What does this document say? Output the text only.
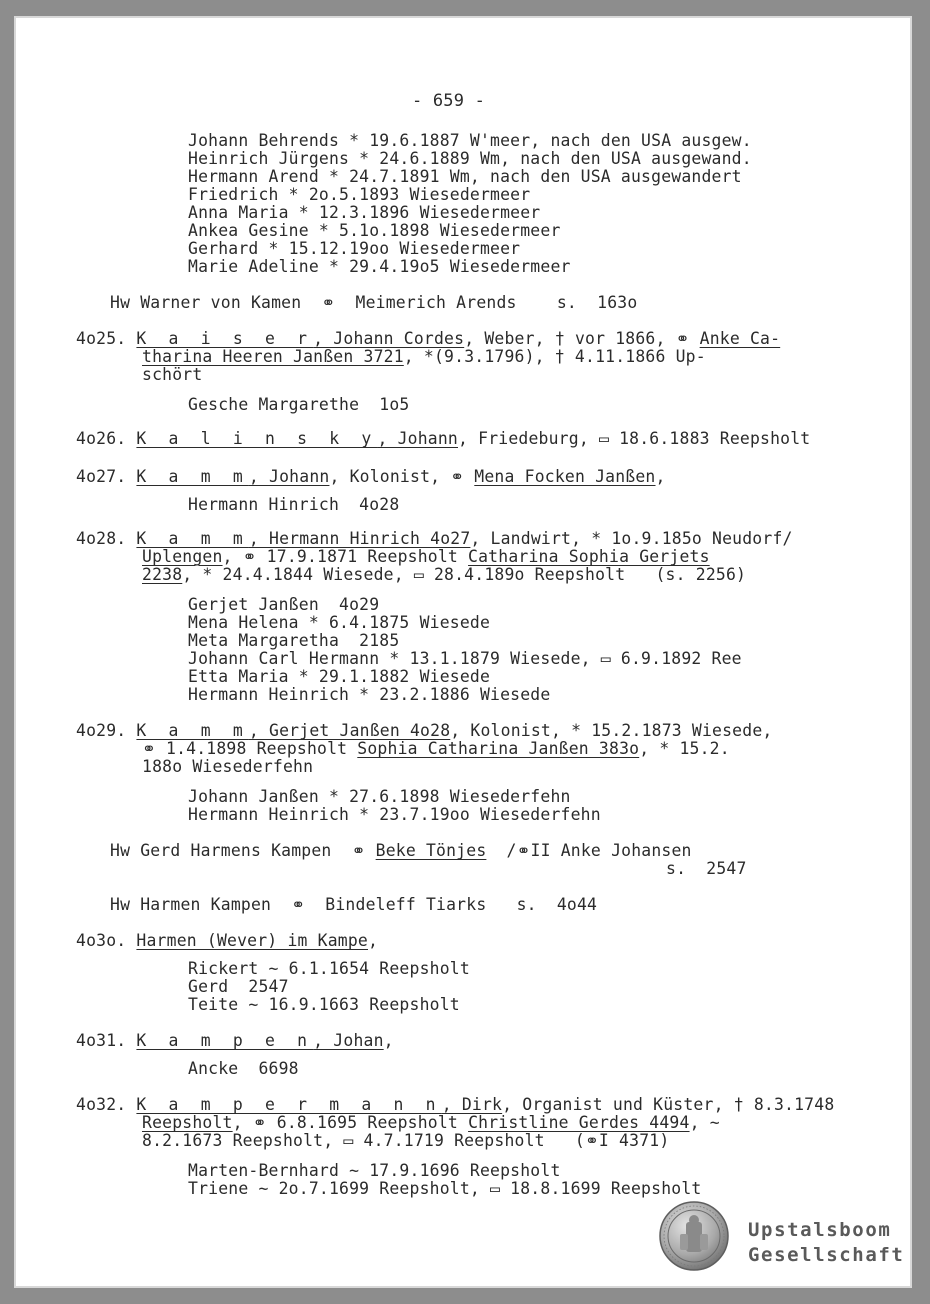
- 659 -
Johann Behrends * 19.6.1887 W'meer, nach den USA ausgew.
Heinrich Jürgens * 24.6.1889 Wm, nach den USA ausgewand.
Hermann Arend * 24.7.1891 Wm, nach den USA ausgewandert
Friedrich * 2o.5.1893 Wiesedermeer
Anna Maria * 12.3.1896 Wiesedermeer
Ankea Gesine * 5.1o.1898 Wiesedermeer
Gerhard * 15.12.19oo Wiesedermeer
Marie Adeline * 29.4.19o5 Wiesedermeer
Hw Warner von Kamen  ⚭  Meimerich Arends    s.  163o
4o25. K a i s e r, Johann Cordes, Weber, † vor 1866, ⚭ Anke Ca-
tharina Heeren Janßen 3721, *(9.3.1796), † 4.11.1866 Up-
schört
Gesche Margarethe  1o5
4o26. K a l i n s k y, Johann, Friedeburg, ▭ 18.6.1883 Reepsholt
4o27. K a m m, Johann, Kolonist, ⚭ Mena Focken Janßen,
Hermann Hinrich  4o28
4o28. K a m m, Hermann Hinrich 4o27, Landwirt, * 1o.9.185o Neudorf/
Uplengen, ⚭ 17.9.1871 Reepsholt Catharina Sophia Gerjets
2238, * 24.4.1844 Wiesede, ▭ 28.4.189o Reepsholt   (s. 2256)
Gerjet Janßen  4o29
Mena Helena * 6.4.1875 Wiesede
Meta Margaretha  2185
Johann Carl Hermann * 13.1.1879 Wiesede, ▭ 6.9.1892 Ree
Etta Maria * 29.1.1882 Wiesede
Hermann Heinrich * 23.2.1886 Wiesede
4o29. K a m m, Gerjet Janßen 4o28, Kolonist, * 15.2.1873 Wiesede,
⚭ 1.4.1898 Reepsholt Sophia Catharina Janßen 383o, * 15.2.
188o Wiesederfehn
Johann Janßen * 27.6.1898 Wiesederfehn
Hermann Heinrich * 23.7.19oo Wiesederfehn
Hw Gerd Harmens Kampen  ⚭ Beke Tönjes  /⚭II Anke Johansen
s.  2547
Hw Harmen Kampen  ⚭  Bindeleff Tiarks   s.  4o44
4o3o. Harmen (Wever) im Kampe,
Rickert ~ 6.1.1654 Reepsholt
Gerd  2547
Teite ~ 16.9.1663 Reepsholt
4o31. K a m p e n, Johan,
Ancke  6698
4o32. K a m p e r m a n n, Dirk, Organist und Küster, † 8.3.1748
Reepsholt, ⚭ 6.8.1695 Reepsholt Christline Gerdes 4494, ~
8.2.1673 Reepsholt, ▭ 4.7.1719 Reepsholt   (⚭I 4371)
Marten-Bernhard ~ 17.9.1696 Reepsholt
Triene ~ 2o.7.1699 Reepsholt, ▭ 18.8.1699 Reepsholt
Upstalsboom
Gesellschaft
